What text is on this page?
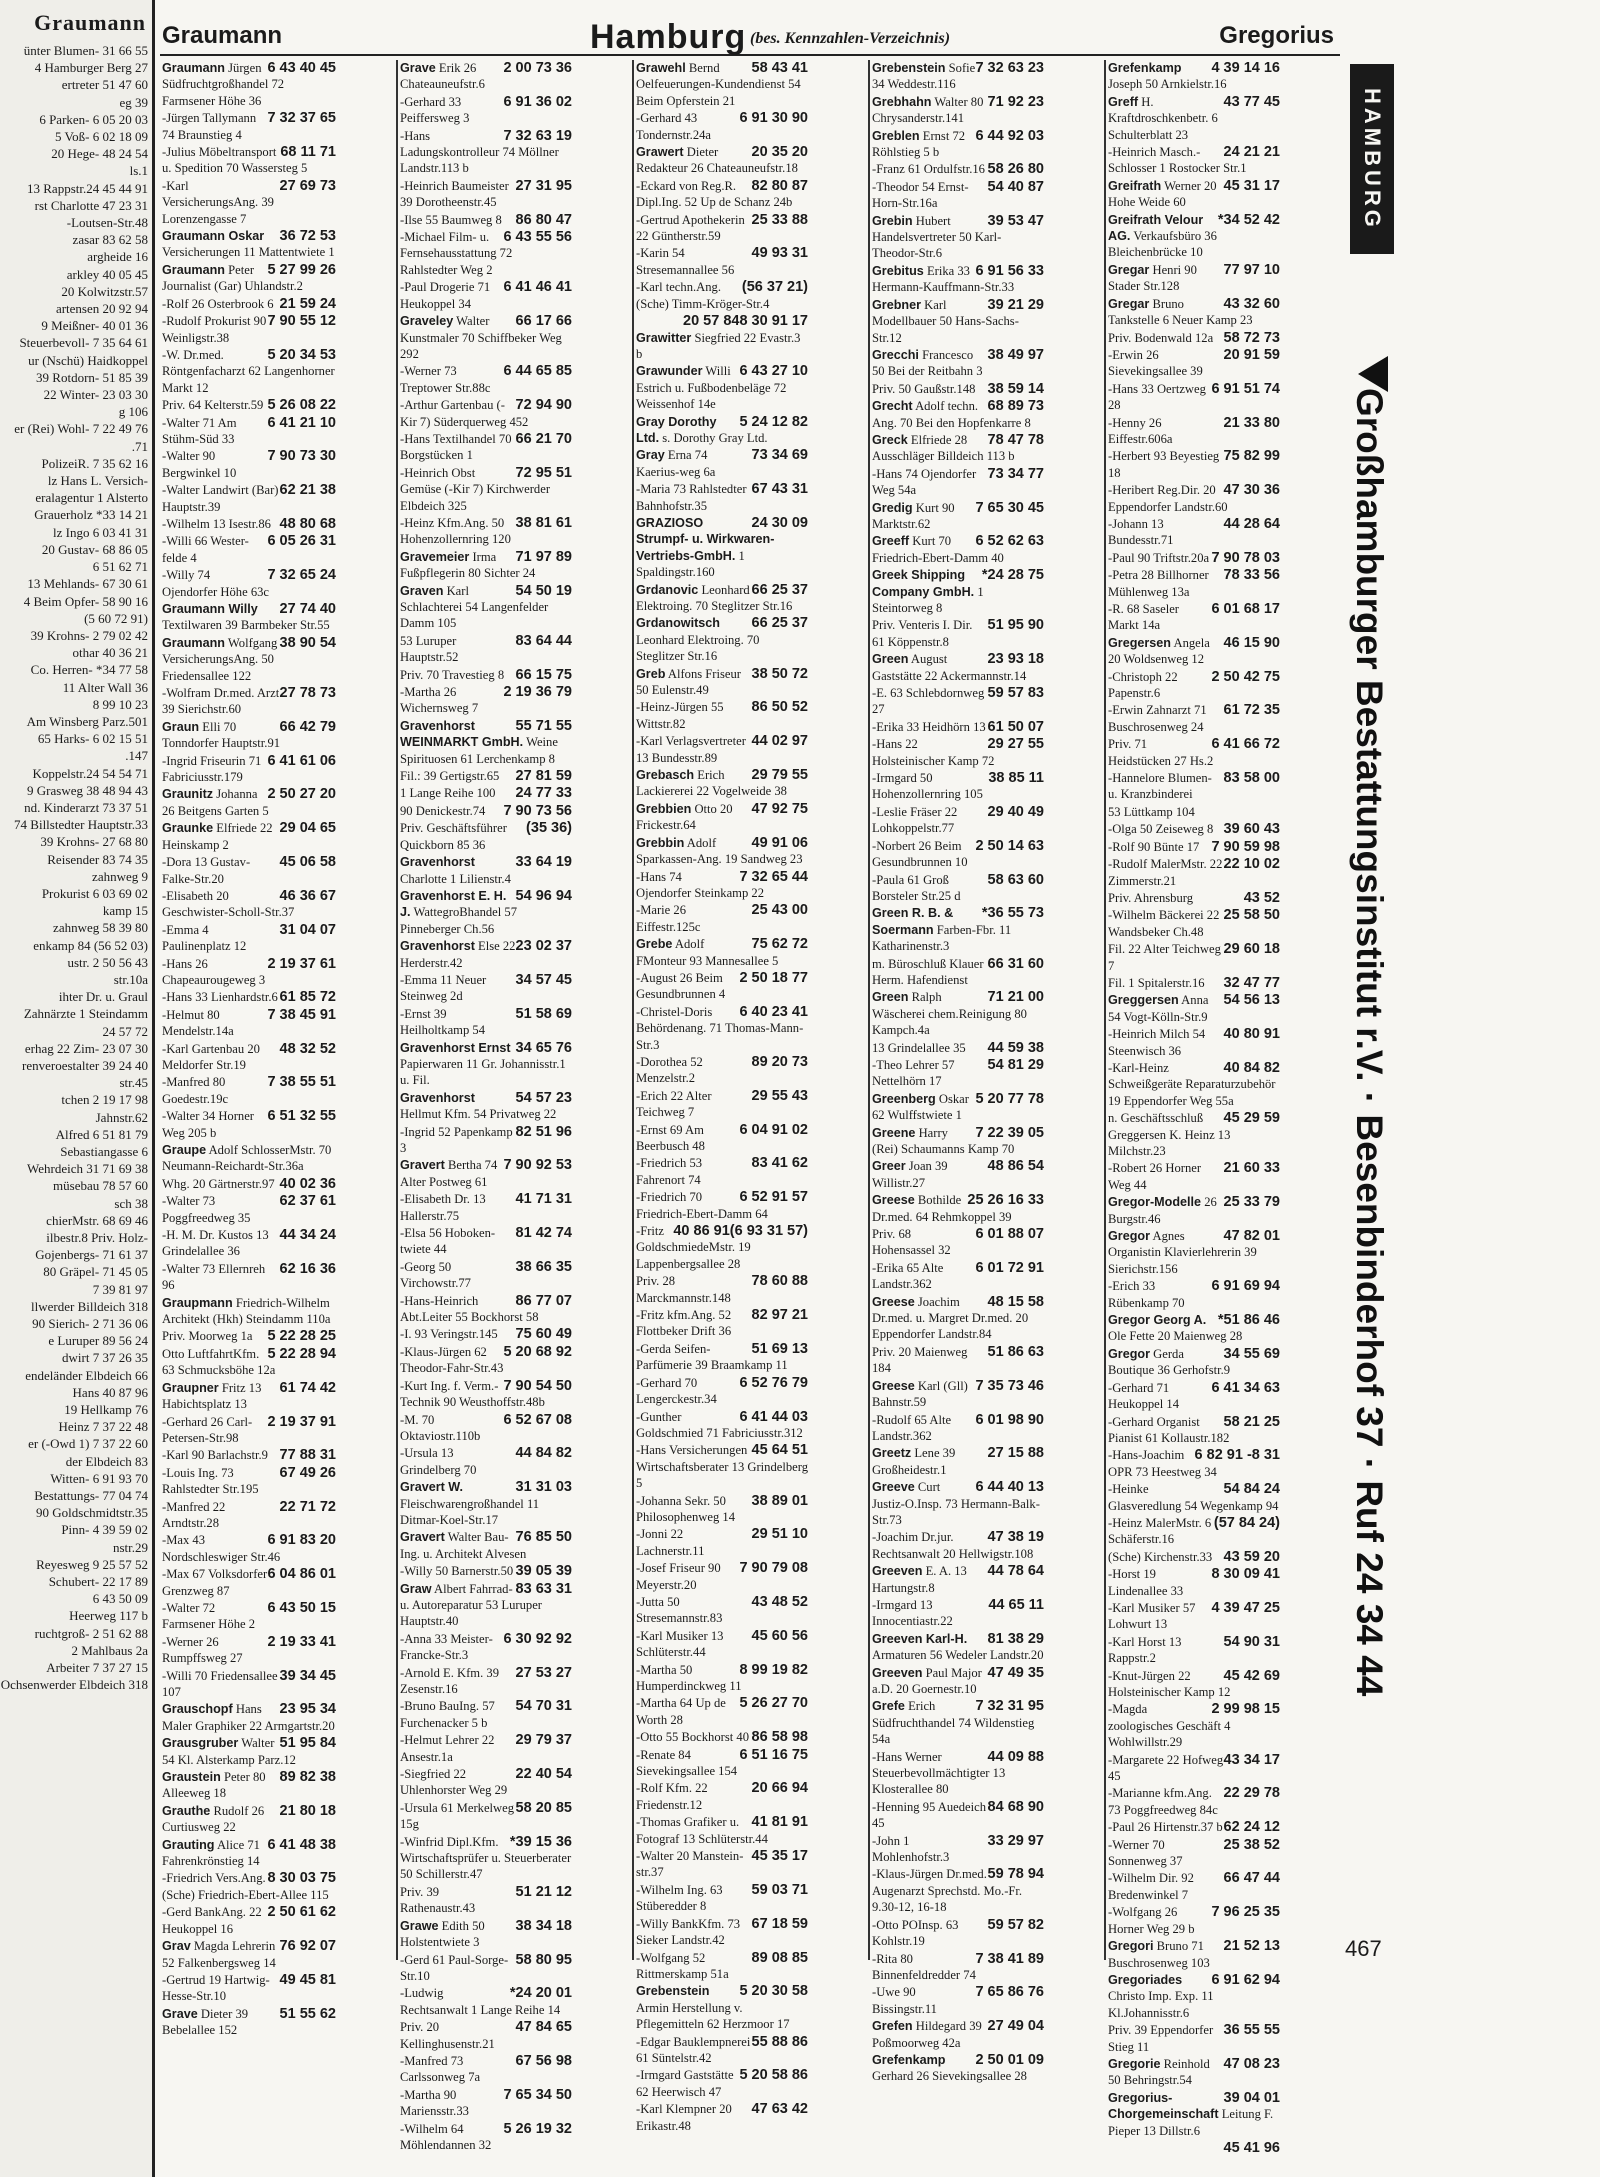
Graumann
ünter Blumen- 31 66 55
4 Hamburger Berg 27
ertreter 51 47 60
eg 39
6 Parken- 6 05 20 03
5 Voß- 6 02 18 09
20 Hege- 48 24 54
ls.1
13 Rappstr.24 45 44 91
rst Charlotte 47 23 31
-Loutsen-Str.48
zasar 83 62 58
argheide 16
arkley 40 05 45
20 Kolwitzstr.57
artensen 20 92 94
9 Meißner- 40 01 36
Steuerbevoll- 7 35 64 61
ur (Nschü) Haidkoppel
39 Rotdorn- 51 85 39
22 Winter- 23 03 30
g 106
er (Rei) Wohl- 7 22 49 76
.71
PolizeiR. 7 35 62 16
lz Hans L. Versich-
eralagentur 1 Alsterto
Grauerholz *33 14 21
lz Ingo 6 03 41 31
20 Gustav- 68 86 05
6 51 62 71
13 Mehlands- 67 30 61
4 Beim Opfer- 58 90 16
(5 60 72 91)
39 Krohns- 2 79 02 42
othar 40 36 21
Co. Herren- *34 77 58
11 Alter Wall 36
8 99 10 23
Am Winsberg Parz.501
65 Harks- 6 02 15 51
.147
Koppelstr.24 54 54 71
9 Grasweg 38 48 94 43
nd. Kinderarzt 73 37 51
74 Billstedter Hauptstr.33
39 Krohns- 27 68 80
Reisender 83 74 35
zahnweg 9
Prokurist 6 03 69 02
kamp 15
zahnweg 58 39 80
enkamp 84 (56 52 03)
ustr. 2 50 56 43
str.10a
ihter Dr. u. Graul
Zahnärzte 1 Steindamm
24 57 72
erhag 22 Zim- 23 07 30
renveroestalter 39 24 40
str.45
tchen 2 19 17 98
Jahnstr.62
Alfred 6 51 81 79
Sebastiangasse 6
Wehrdeich 31 71 69 38
müsebau 78 57 60
sch 38
chierMstr. 68 69 46
ilbestr.8 Priv. Holz-
Gojenbergs- 71 61 37
80 Gräpel- 71 45 05
7 39 81 97
llwerder Billdeich 318
90 Sierich- 2 71 36 06
e Luruper 89 56 24
dwirt 7 37 26 35
endeländer Elbdeich 66
Hans 40 87 96
19 Hellkamp 76
Heinz 7 37 22 48
er (-Owd 1) 7 37 22 60
der Elbdeich 83
Witten- 6 91 93 70
Bestattungs- 77 04 74
90 Goldschmidtstr.35
Pinn- 4 39 59 02
nstr.29
Reyesweg 9 25 57 52
Schubert- 22 17 89
6 43 50 09
Heerweg 117 b
ruchtgroß- 2 51 62 88
2 Mahlbaus 2a
Arbeiter 7 37 27 15
Ochsenwerder Elbdeich 318
Graumann	Hamburg (bes. Kennzahlen-Verzeichnis)	Gregorius
6 43 40 45
Graumann Jürgen Südfruchtgroßhandel 72 Farmsener Höhe 36
7 32 37 65
-Jürgen Tallymann 74 Braunstieg 4
68 11 71
-Julius Möbeltransport u. Spedition 70 Wassersteg 5
27 69 73
-Karl VersicherungsAng. 39 Lorenzengasse 7
36 72 53
Graumann Oskar Versicherungen 11 Mattentwiete 1
5 27 99 26
Graumann Peter Journalist (Gar) Uhlandstr.2
21 59 24
-Rolf 26 Osterbrook 6
7 90 55 12
-Rudolf Prokurist 90 Weinligstr.38
5 20 34 53
-W. Dr.med. Röntgenfacharzt 62 Langenhorner Markt 12
5 26 08 22
Priv. 64 Kelterstr.59
6 41 21 10
-Walter 71 Am Stühm-Süd 33
7 90 73 30
-Walter 90 Bergwinkel 10
62 21 38
-Walter Landwirt (Bar) Hauptstr.39
48 80 68
-Wilhelm 13 Isestr.86
6 05 26 31
-Willi 66 Wester-felde 4
7 32 65 24
-Willy 74 Ojendorfer Höhe 63c
27 74 40
Graumann Willy Textilwaren 39 Barmbeker Str.55
38 90 54
Graumann Wolfgang VersicherungsAng. 50 Friedensallee 122
27 78 73
-Wolfram Dr.med. Arzt 39 Sierichstr.60
66 42 79
Graun Elli 70 Tonndorfer Hauptstr.91
6 41 61 06
-Ingrid Friseurin 71 Fabriciusstr.179
2 50 27 20
Graunitz Johanna 26 Beitgens Garten 5
29 04 65
Graunke Elfriede 22 Heinskamp 2
45 06 58
-Dora 13 Gustav-Falke-Str.20
46 36 67
-Elisabeth 20 Geschwister-Scholl-Str.37
31 04 07
-Emma 4 Paulinenplatz 12
2 19 37 61
-Hans 26 Chapeaurougeweg 3
61 85 72
-Hans 33 Lienhardstr.6
7 38 45 91
-Helmut 80 Mendelstr.14a
48 32 52
-Karl Gartenbau 20 Meldorfer Str.19
7 38 55 51
-Manfred 80 Goedestr.19c
6 51 32 55
-Walter 34 Horner Weg 205 b
Graupe Adolf SchlosserMstr. 70 Neumann-Reichardt-Str.36a
40 02 36
Whg. 20 Gärtnerstr.97
62 37 61
-Walter 73 Poggfreedweg 35
44 34 24
-H. M. Dr. Kustos 13 Grindelallee 36
62 16 36
-Walter 73 Ellernreh 96
Graupmann Friedrich-Wilhelm Architekt (Hkh) Steindamm 110a
5 22 28 25
Priv. Moorweg 1a
5 22 28 94
Otto LuftfahrtKfm. 63 Schmucksböhe 12a
61 74 42
Graupner Fritz 13 Habichtsplatz 13
2 19 37 91
-Gerhard 26 Carl-Petersen-Str.98
77 88 31
-Karl 90 Barlachstr.9
67 49 26
-Louis Ing. 73 Rahlstedter Str.195
22 71 72
-Manfred 22 Arndtstr.28
6 91 83 20
-Max 43 Nordschleswiger Str.46
6 04 86 01
-Max 67 Volksdorfer Grenzweg 87
6 43 50 15
-Walter 72 Farmsener Höhe 2
2 19 33 41
-Werner 26 Rumpffsweg 27
39 34 45
-Willi 70 Friedensallee 107
23 95 34
Grauschopf Hans Maler Graphiker 22 Armgartstr.20
51 95 84
Grausgruber Walter 54 Kl. Alsterkamp Parz.12
89 82 38
Graustein Peter 80 Alleeweg 18
21 80 18
Grauthe Rudolf 26 Curtiusweg 22
6 41 48 38
Grauting Alice 71 Fahrenkrönstieg 14
8 30 03 75
-Friedrich Vers.Ang. (Sche) Friedrich-Ebert-Allee 115
2 50 61 62
-Gerd BankAng. 22 Heukoppel 16
76 92 07
Grav Magda Lehrerin 52 Falkenbergsweg 14
49 45 81
-Gertrud 19 Hartwig-Hesse-Str.10
51 55 62
Grave Dieter 39 Bebelallee 152
2 00 73 36
Grave Erik 26 Chateauneufstr.6
6 91 36 02
-Gerhard 33 Peiffersweg 3
7 32 63 19
-Hans Ladungskontrolleur 74 Möllner Landstr.113 b
27 31 95
-Heinrich Baumeister 39 Dorotheenstr.45
86 80 47
-Ilse 55 Baumweg 8
6 43 55 56
-Michael Film- u. Fernsehausstattung 72 Rahlstedter Weg 2
6 41 46 41
-Paul Drogerie 71 Heukoppel 34
66 17 66
Graveley Walter Kunstmaler 70 Schiffbeker Weg 292
6 44 65 85
-Werner 73 Treptower Str.88c
72 94 90
-Arthur Gartenbau (-Kir 7) Süderquerweg 452
66 21 70
-Hans Textilhandel 70 Borgstücken 1
72 95 51
-Heinrich Obst Gemüse (-Kir 7) Kirchwerder Elbdeich 325
38 81 61
-Heinz Kfm.Ang. 50 Hohenzollernring 120
71 97 89
Gravemeier Irma Fußpflegerin 80 Sichter 24
54 50 19
Graven Karl Schlachterei 54 Langenfelder Damm 105
83 64 44
53 Luruper Hauptstr.52
66 15 75
Priv. 70 Travestieg 8
2 19 36 79
-Martha 26 Wichernsweg 7
55 71 55
Gravenhorst WEINMARKT GmbH. Weine Spirituosen 61 Lerchenkamp 8
27 81 59
Fil.: 39 Gertigstr.65
24 77 33
1 Lange Reihe 100
7 90 73 56
90 Denickestr.74
(35 36)
Priv. Geschäftsführer Quickborn 85 36
33 64 19
Gravenhorst Charlotte 1 Lilienstr.4
54 96 94
Gravenhorst E. H. J. WattegroBhandel 57 Pinneberger Ch.56
23 02 37
Gravenhorst Else 22 Herderstr.42
34 57 45
-Emma 11 Neuer Steinweg 2d
51 58 69
-Ernst 39 Heilholtkamp 54
34 65 76
Gravenhorst Ernst Papierwaren 11 Gr. Johannisstr.1 u. Fil.
54 57 23
Gravenhorst Hellmut Kfm. 54 Privatweg 22
82 51 96
-Ingrid 52 Papenkamp 3
7 90 92 53
Gravert Bertha 74 Alter Postweg 61
41 71 31
-Elisabeth Dr. 13 Hallerstr.75
81 42 74
-Elsa 56 Hoboken-twiete 44
38 66 35
-Georg 50 Virchowstr.77
86 77 07
-Hans-Heinrich Abt.Leiter 55 Bockhorst 58
75 60 49
-I. 93 Veringstr.145
5 20 68 92
-Klaus-Jürgen 62 Theodor-Fahr-Str.43
7 90 54 50
-Kurt Ing. f. Verm.-Technik 90 Weusthoffstr.48b
6 52 67 08
-M. 70 Oktaviostr.110b
44 84 82
-Ursula 13 Grindelberg 70
31 31 03
Gravert W. Fleischwarengroßhandel 11 Ditmar-Koel-Str.17
76 85 50
Gravert Walter Bau-Ing. u. Architekt Alvesen
39 05 39
-Willy 50 Barnerstr.50
83 63 31
Graw Albert Fahrrad- u. Autoreparatur 53 Luruper Hauptstr.40
6 30 92 92
-Anna 33 Meister-Francke-Str.3
27 53 27
-Arnold E. Kfm. 39 Zesenstr.16
54 70 31
-Bruno BauIng. 57 Furchenacker 5 b
29 79 37
-Helmut Lehrer 22 Ansestr.1a
22 40 54
-Siegfried 22 Uhlenhorster Weg 29
58 20 85
-Ursula 61 Merkelweg 15g
*39 15 36
-Winfrid Dipl.Kfm. Wirtschaftsprüfer u. Steuerberater 50 Schillerstr.47
51 21 12
Priv. 39 Rathenaustr.43
38 34 18
Grawe Edith 50 Holstentwiete 3
58 80 95
-Gerd 61 Paul-Sorge-Str.10
*24 20 01
-Ludwig Rechtsanwalt 1 Lange Reihe 14
47 84 65
Priv. 20 Kellinghusenstr.21
67 56 98
-Manfred 73 Carlssonweg 7a
7 65 34 50
-Martha 90 Mariensstr.33
5 26 19 32
-Wilhelm 64 Möhlendannen 32
58 43 41
Grawehl Bernd Oelfeuerungen-Kundendienst 54 Beim Opferstein 21
6 91 30 90
-Gerhard 43 Tondernstr.24a
20 35 20
Grawert Dieter Redakteur 26 Chateauneufstr.18
82 80 87
-Eckard von Reg.R. Dipl.Ing. 52 Up de Schanz 24b
25 33 88
-Gertrud Apothekerin 22 Güntherstr.59
49 93 31
-Karin 54 Stresemannallee 56
(56 37 21)
-Karl techn.Ang. (Sche) Timm-Kröger-Str.4
8 30 91 17
20 57 84
Grawitter Siegfried 22 Evastr.3 b
6 43 27 10
Grawunder Willi Estrich u. Fußbodenbeläge 72 Weissenhof 14e
5 24 12 82
Gray Dorothy Ltd. s. Dorothy Gray Ltd.
73 34 69
Gray Erna 74 Kaerius-weg 6a
67 43 31
-Maria 73 Rahlstedter Bahnhofstr.35
24 30 09
GRAZIOSO Strumpf- u. Wirkwaren-Vertriebs-GmbH. 1 Spaldingstr.160
66 25 37
Grdanovic Leonhard Elektroing. 70 Steglitzer Str.16
66 25 37
Grdanowitsch Leonhard Elektroing. 70 Steglitzer Str.16
38 50 72
Greb Alfons Friseur 50 Eulenstr.49
86 50 52
-Heinz-Jürgen 55 Wittstr.82
44 02 97
-Karl Verlagsvertreter 13 Bundesstr.89
29 79 55
Grebasch Erich Lackiererei 22 Vogelweide 38
47 92 75
Grebbien Otto 20 Frickestr.64
49 91 06
Grebbin Adolf Sparkassen-Ang. 19 Sandweg 23
7 32 65 44
-Hans 74 Ojendorfer Steinkamp 22
25 43 00
-Marie 26 Eiffestr.125c
75 62 72
Grebe Adolf FMonteur 93 Mannesallee 5
2 50 18 77
-August 26 Beim Gesundbrunnen 4
6 40 23 41
-Christel-Doris Behördenang. 71 Thomas-Mann-Str.3
89 20 73
-Dorothea 52 Menzelstr.2
29 55 43
-Erich 22 Alter Teichweg 7
6 04 91 02
-Ernst 69 Am Beerbusch 48
83 41 62
-Friedrich 53 Fahrenort 74
6 52 91 57
-Friedrich 70 Friedrich-Ebert-Damm 64
(6 93 31 57)
40 86 91
-Fritz GoldschmiedeMstr. 19 Lappenbergsallee 28
78 60 88
Priv. 28 Marckmannstr.148
82 97 21
-Fritz kfm.Ang. 52 Flottbeker Drift 36
51 69 13
-Gerda Seifen- Parfümerie 39 Braamkamp 11
6 52 76 79
-Gerhard 70 Lengerckestr.34
6 41 44 03
-Gunther Goldschmied 71 Fabriciusstr.312
45 64 51
-Hans Versicherungen Wirtschaftsberater 13 Grindelberg 5
38 89 01
-Johanna Sekr. 50 Philosophenweg 14
29 51 10
-Jonni 22 Lachnerstr.11
7 90 79 08
-Josef Friseur 90 Meyerstr.20
43 48 52
-Jutta 50 Stresemannstr.83
45 60 56
-Karl Musiker 13 Schlüterstr.44
8 99 19 82
-Martha 50 Humperdinckweg 11
5 26 27 70
-Martha 64 Up de Worth 28
86 58 98
-Otto 55 Bockhorst 40
6 51 16 75
-Renate 84 Sievekingsallee 154
20 66 94
-Rolf Kfm. 22 Friedenstr.12
41 81 91
-Thomas Grafiker u. Fotograf 13 Schlüterstr.44
45 35 17
-Walter 20 Manstein-str.37
59 03 71
-Wilhelm Ing. 63 Stüberedder 8
67 18 59
-Willy BankKfm. 73 Sieker Landstr.42
89 08 85
-Wolfgang 52 Rittmerskamp 51a
5 20 30 58
Grebenstein Armin Herstellung v. Pflegemitteln 62 Herzmoor 17
55 88 86
-Edgar Bauklempnerei 61 Süntelstr.42
5 20 58 86
-Irmgard Gaststätte 62 Heerwisch 47
47 63 42
-Karl Klempner 20 Erikastr.48
7 32 63 23
Grebenstein Sofie 34 Weddestr.116
71 92 23
Grebhahn Walter 80 Chrysanderstr.141
6 44 92 03
Greblen Ernst 72 Röhlstieg 5 b
58 26 80
-Franz 61 Ordulfstr.16
54 40 87
-Theodor 54 Ernst-Horn-Str.16a
39 53 47
Grebin Hubert Handelsvertreter 50 Karl-Theodor-Str.6
6 91 56 33
Grebitus Erika 33 Hermann-Kauffmann-Str.33
39 21 29
Grebner Karl Modellbauer 50 Hans-Sachs-Str.12
38 49 97
Grecchi Francesco 50 Bei der Reitbahn 3
38 59 14
Priv. 50 Gaußstr.148
68 89 73
Grecht Adolf techn. Ang. 70 Bei den Hopfenkarre 8
78 47 78
Greck Elfriede 28 Ausschläger Billdeich 113 b
73 34 77
-Hans 74 Ojendorfer Weg 54a
7 65 30 45
Gredig Kurt 90 Marktstr.62
6 52 62 63
Greeff Kurt 70 Friedrich-Ebert-Damm 40
*24 28 75
Greek Shipping Company GmbH. 1 Steintorweg 8
51 95 90
Priv. Venteris I. Dir. 61 Köppenstr.8
23 93 18
Green August Gaststätte 22 Ackermannstr.14
59 57 83
-E. 63 Schlebdornweg 27
61 50 07
-Erika 33 Heidhörn 13
29 27 55
-Hans 22 Holsteinischer Kamp 72
38 85 11
-Irmgard 50 Hohenzollernring 105
29 40 49
-Leslie Fräser 22 Lohkoppelstr.77
2 50 14 63
-Norbert 26 Beim Gesundbrunnen 10
58 63 60
-Paula 61 Groß Borsteler Str.25 d
*36 55 73
Green R. B. & Soermann Farben-Fbr. 11 Katharinenstr.3
66 31 60
m. Büroschluß Klauer Herm. Hafendienst
71 21 00
Green Ralph Wäscherei chem.Reinigung 80 Kampch.4a
44 59 38
13 Grindelallee 35
54 81 29
-Theo Lehrer 57 Nettelhörn 17
5 20 77 78
Greenberg Oskar 62 Wulffstwiete 1
7 22 39 05
Greene Harry (Rei) Schaumanns Kamp 70
48 86 54
Greer Joan 39 Willistr.27
25 26 16 33
Greese Bothilde Dr.med. 64 Rehmkoppel 39
6 01 88 07
Priv. 68 Hohensassel 32
6 01 72 91
-Erika 65 Alte Landstr.362
48 15 58
Greese Joachim Dr.med. u. Margret Dr.med. 20 Eppendorfer Landstr.84
51 86 63
Priv. 20 Maienweg 184
7 35 73 46
Greese Karl (Gll) Bahnstr.59
6 01 98 90
-Rudolf 65 Alte Landstr.362
27 15 88
Greetz Lene 39 Großheidestr.1
6 44 40 13
Greeve Curt Justiz-O.Insp. 73 Hermann-Balk-Str.73
47 38 19
-Joachim Dr.jur. Rechtsanwalt 20 Hellwigstr.108
44 78 64
Greeven E. A. 13 Hartungstr.8
44 65 11
-Irmgard 13 Innocentiastr.22
81 38 29
Greeven Karl-H. Armaturen 56 Wedeler Landstr.20
47 49 35
Greeven Paul Major a.D. 20 Goernestr.10
7 32 31 95
Grefe Erich Südfruchthandel 74 Wildenstieg 54a
44 09 88
-Hans Werner Steuerbevollmächtigter 13 Klosterallee 80
84 68 90
-Henning 95 Auedeich 45
33 29 97
-John 1 Mohlenhofstr.3
59 78 94
-Klaus-Jürgen Dr.med. Augenarzt Sprechstd. Mo.-Fr. 9.30-12, 16-18
59 57 82
-Otto POInsp. 63 Kohlstr.19
7 38 41 89
-Rita 80 Binnenfeldredder 74
7 65 86 76
-Uwe 90 Bissingstr.11
27 49 04
Grefen Hildegard 39 Poßmoorweg 42a
2 50 01 09
Grefenkamp Gerhard 26 Sievekingsallee 28
4 39 14 16
Grefenkamp Joseph 50 Arnkielstr.16
43 77 45
Greff H. Kraftdroschkenbetr. 6 Schulterblatt 23
24 21 21
-Heinrich Masch.-Schlosser 1 Rostocker Str.1
45 31 17
Greifrath Werner 20 Hohe Weide 60
*34 52 42
Greifrath Velour AG. Verkaufsbüro 36 Bleichenbrücke 10
77 97 10
Gregar Henri 90 Stader Str.128
43 32 60
Gregar Bruno Tankstelle 6 Neuer Kamp 23
58 72 73
Priv. Bodenwald 12a
20 91 59
-Erwin 26 Sievekingsallee 39
6 91 51 74
-Hans 33 Oertzweg 28
21 33 80
-Henny 26 Eiffestr.606a
75 82 99
-Herbert 93 Beyestieg 18
47 30 36
-Heribert Reg.Dir. 20 Eppendorfer Landstr.60
44 28 64
-Johann 13 Bundesstr.71
7 90 78 03
-Paul 90 Triftstr.20a
78 33 56
-Petra 28 Billhorner Mühlenweg 13a
6 01 68 17
-R. 68 Saseler Markt 14a
46 15 90
Gregersen Angela 20 Woldsenweg 12
2 50 42 75
-Christoph 22 Papenstr.6
61 72 35
-Erwin Zahnarzt 71 Buschrosenweg 24
6 41 66 72
Priv. 71 Heidstücken 27 Hs.2
83 58 00
-Hannelore Blumen- u. Kranzbinderei
53 Lüttkamp 104
39 60 43
-Olga 50 Zeiseweg 8
7 90 59 98
-Rolf 90 Bünte 17
22 10 02
-Rudolf MalerMstr. 22 Zimmerstr.21
43 52
Priv. Ahrensburg
25 58 50
-Wilhelm Bäckerei 22 Wandsbeker Ch.48
29 60 18
Fil. 22 Alter Teichweg 7
32 47 77
Fil. 1 Spitalerstr.16
54 56 13
Greggersen Anna 54 Vogt-Kölln-Str.9
40 80 91
-Heinrich Milch 54 Steenwisch 36
40 84 82
-Karl-Heinz Schweißgeräte Reparaturzubehör 19 Eppendorfer Weg 55a
45 29 59
n. Geschäftsschluß Greggersen K. Heinz 13 Milchstr.23
21 60 33
-Robert 26 Horner Weg 44
25 33 79
Gregor-Modelle 26 Burgstr.46
47 82 01
Gregor Agnes Organistin Klavierlehrerin 39 Sierichstr.156
6 91 69 94
-Erich 33 Rübenkamp 70
*51 86 46
Gregor Georg A. Ole Fette 20 Maienweg 28
34 55 69
Gregor Gerda Boutique 36 Gerhofstr.9
6 41 34 63
-Gerhard 71 Heukoppel 14
58 21 25
-Gerhard Organist Pianist 61 Kollaustr.182
6 82 91 -8 31
-Hans-Joachim OPR 73 Heestweg 34
54 84 24
-Heinke Glasveredlung 54 Wegenkamp 94
(57 84 24)
-Heinz MalerMstr. 6 Schäferstr.16
43 59 20
(Sche) Kirchenstr.33
8 30 09 41
-Horst 19 Lindenallee 33
4 39 47 25
-Karl Musiker 57 Lohwurt 13
54 90 31
-Karl Horst 13 Rappstr.2
45 42 69
-Knut-Jürgen 22 Holsteinischer Kamp 12
2 99 98 15
-Magda zoologisches Geschäft 4 Wohlwillstr.29
43 34 17
-Margarete 22 Hofweg 45
22 29 78
-Marianne kfm.Ang. 73 Poggfreedweg 84c
62 24 12
-Paul 26 Hirtenstr.37 b
25 38 52
-Werner 70 Sonnenweg 37
66 47 44
-Wilhelm Dir. 92 Bredenwinkel 7
7 96 25 35
-Wolfgang 26 Horner Weg 29 b
21 52 13
Gregori Bruno 71 Buschrosenweg 103
6 91 62 94
Gregoriades Christo Imp. Exp. 11 Kl.Johannisstr.6
36 55 55
Priv. 39 Eppendorfer Stieg 11
47 08 23
Gregorie Reinhold 50 Behringstr.54
39 04 01
Gregorius-Chorgemeinschaft Leitung F. Pieper 13 Dillstr.6
45 41 96
HAMBURG
Großhamburger Bestattungsinstitut r.V. · Besenbinderhof 37 · Ruf 24 34 44
467
